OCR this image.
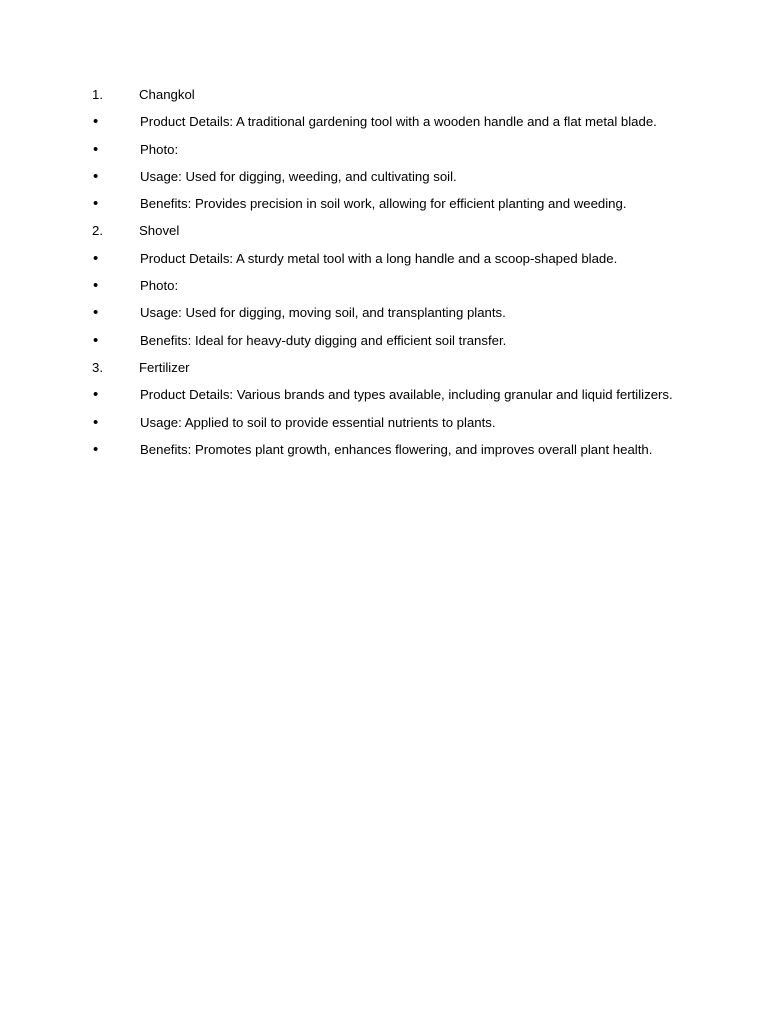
1.	Changkol
•	Product Details: A traditional gardening tool with a wooden handle and a flat metal blade.
•	Photo:
•	Usage: Used for digging, weeding, and cultivating soil.
•	Benefits: Provides precision in soil work, allowing for efficient planting and weeding.
2.	Shovel
•	Product Details: A sturdy metal tool with a long handle and a scoop-shaped blade.
•	Photo:
•	Usage: Used for digging, moving soil, and transplanting plants.
•	Benefits: Ideal for heavy-duty digging and efficient soil transfer.
3.	Fertilizer
•	Product Details: Various brands and types available, including granular and liquid fertilizers.
•	Usage: Applied to soil to provide essential nutrients to plants.
•	Benefits: Promotes plant growth, enhances flowering, and improves overall plant health.
